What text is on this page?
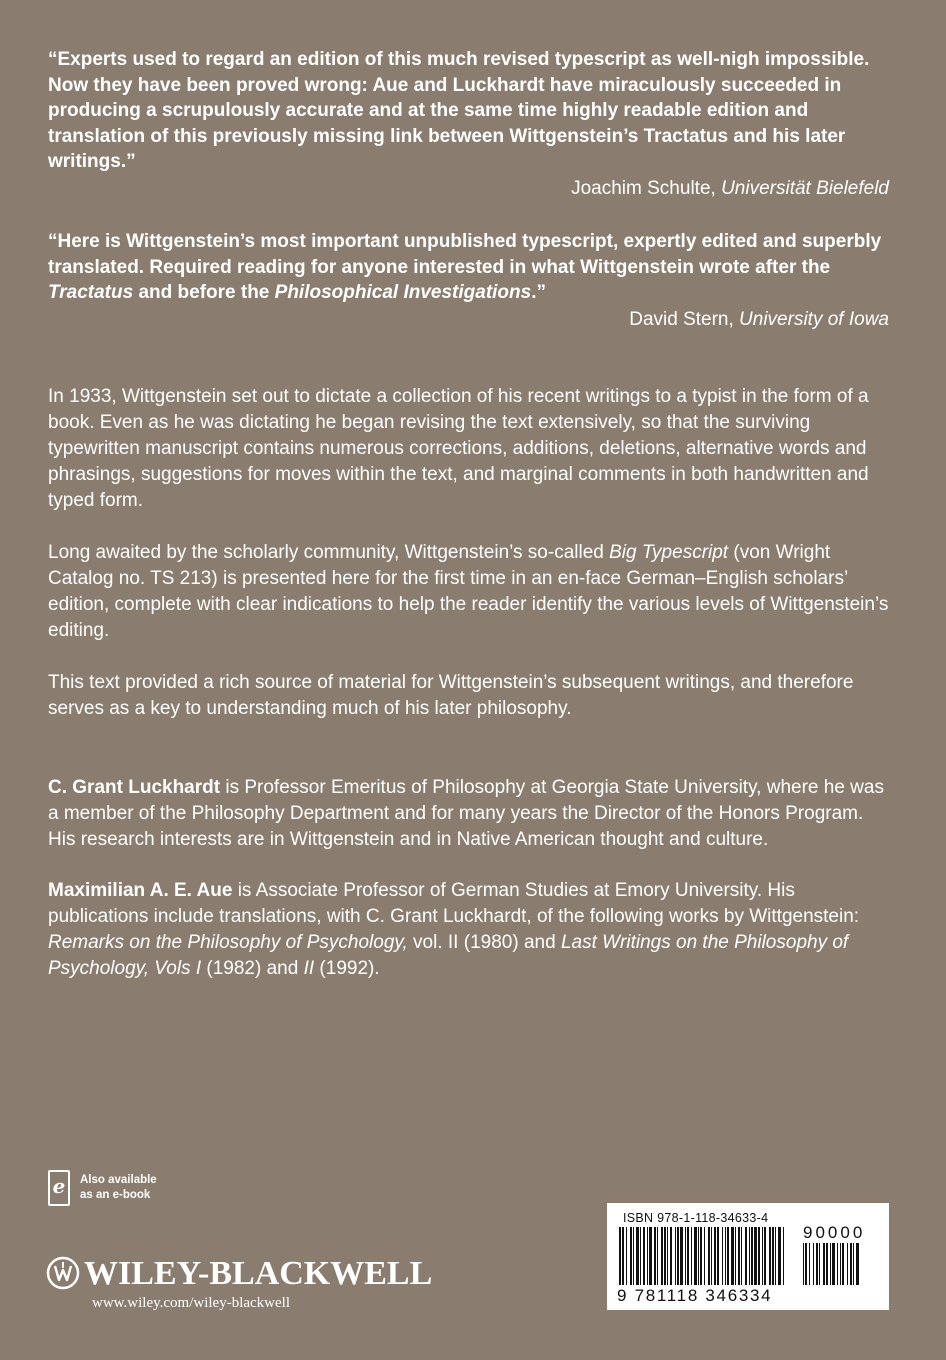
“Experts used to regard an edition of this much revised typescript as well-nigh impossible. Now they have been proved wrong: Aue and Luckhardt have miraculously succeeded in producing a scrupulously accurate and at the same time highly readable edition and translation of this previously missing link between Wittgenstein’s Tractatus and his later writings.”
Joachim Schulte, Universität Bielefeld
“Here is Wittgenstein’s most important unpublished typescript, expertly edited and superbly translated. Required reading for anyone interested in what Wittgenstein wrote after the Tractatus and before the Philosophical Investigations.”
David Stern, University of Iowa
In 1933, Wittgenstein set out to dictate a collection of his recent writings to a typist in the form of a book. Even as he was dictating he began revising the text extensively, so that the surviving typewritten manuscript contains numerous corrections, additions, deletions, alternative words and phrasings, suggestions for moves within the text, and marginal comments in both handwritten and typed form.
Long awaited by the scholarly community, Wittgenstein’s so-called Big Typescript (von Wright Catalog no. TS 213) is presented here for the first time in an en-face German–English scholars’ edition, complete with clear indications to help the reader identify the various levels of Wittgenstein’s editing.
This text provided a rich source of material for Wittgenstein’s subsequent writings, and therefore serves as a key to understanding much of his later philosophy.
C. Grant Luckhardt is Professor Emeritus of Philosophy at Georgia State University, where he was a member of the Philosophy Department and for many years the Director of the Honors Program. His research interests are in Wittgenstein and in Native American thought and culture.
Maximilian A. E. Aue is Associate Professor of German Studies at Emory University. His publications include translations, with C. Grant Luckhardt, of the following works by Wittgenstein: Remarks on the Philosophy of Psychology, vol. II (1980) and Last Writings on the Philosophy of Psychology, Vols I (1982) and II (1992).
e Also available
as an e-book
WILEY-BLACKWELL
www.wiley.com/wiley-blackwell
ISBN 978-1-118-34633-4
90000
9 781118 346334
